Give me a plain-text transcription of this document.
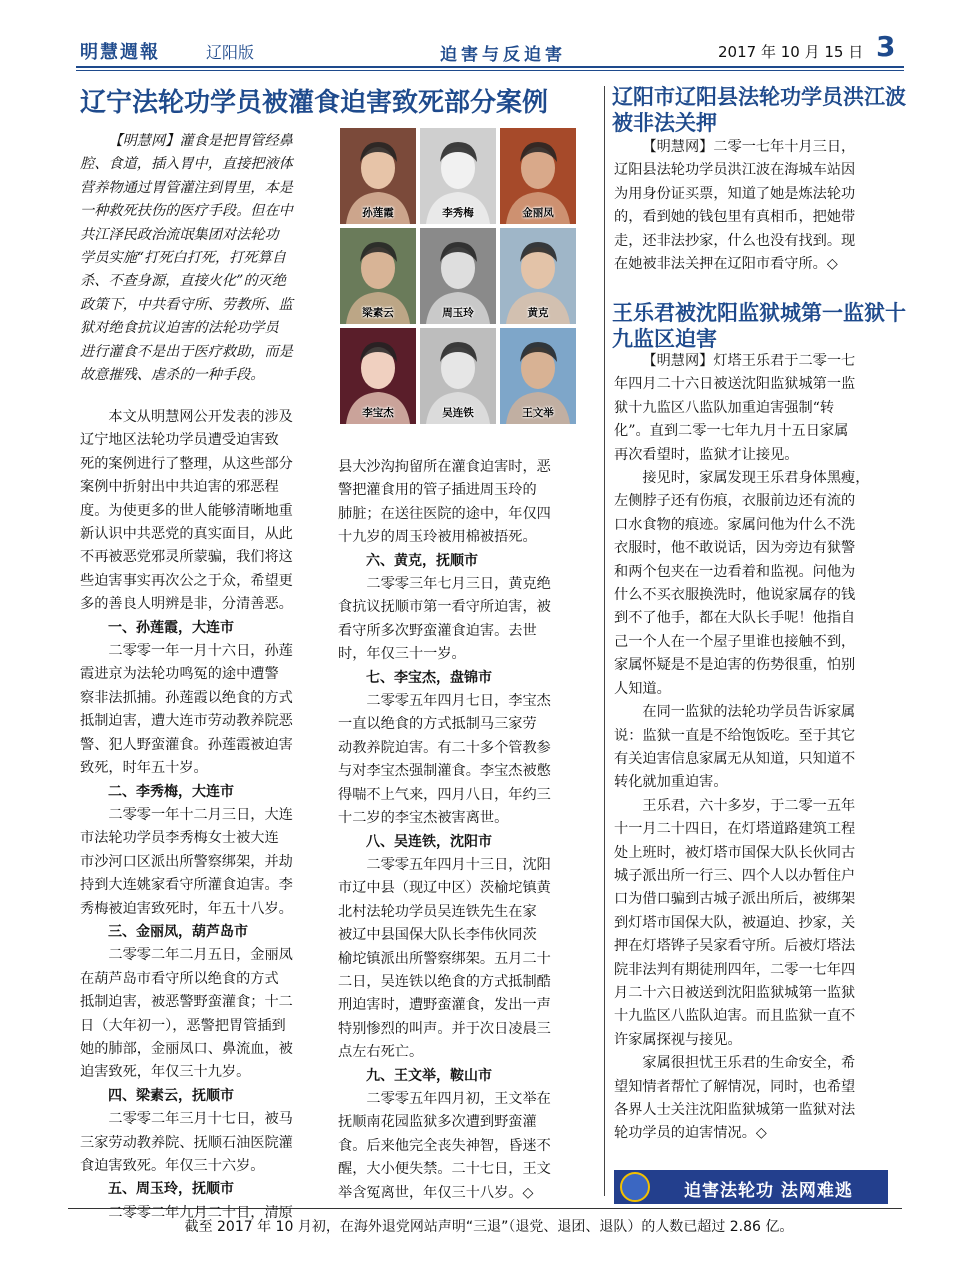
明慧週報	辽阳版	迫害与反迫害	2017 年 10 月 15 日 3
辽宁法轮功学员被灌食迫害致死部分案例

【明慧网】灌食是把胃管经鼻
腔、食道，插入胃中，直接把液体
营养物通过胃管灌注到胃里，本是
一种救死扶伤的医疗手段。但在中
共江泽民政治流氓集团对法轮功
学员实施“打死白打死，打死算自
杀、不查身源，直接火化”的灭绝
政策下，中共看守所、劳教所、监
狱对绝食抗议迫害的法轮功学员
进行灌食不是出于医疗救助，而是
故意摧残、虐杀的一种手段。

孙莲霞	李秀梅	金丽凤
梁素云	周玉玲	黄克
李宝杰	吴连铁	王文举

本文从明慧网公开发表的涉及
辽宁地区法轮功学员遭受迫害致
死的案例进行了整理，从这些部分
案例中折射出中共迫害的邪恶程
度。为使更多的世人能够清晰地重
新认识中共恶党的真实面目，从此
不再被恶党邪灵所蒙骗，我们将这
些迫害事实再次公之于众，希望更
多的善良人明辨是非，分清善恶。

一、孙莲霞，大连市

二零零一年一月十六日，孙莲
霞进京为法轮功鸣冤的途中遭警
察非法抓捕。孙莲霞以绝食的方式
抵制迫害，遭大连市劳动教养院恶
警、犯人野蛮灌食。孙莲霞被迫害
致死，时年五十岁。

二、李秀梅，大连市

二零零一年十二月三日，大连
市法轮功学员李秀梅女士被大连
市沙河口区派出所警察绑架，并劫
持到大连姚家看守所灌食迫害。李
秀梅被迫害致死时，年五十八岁。

三、金丽凤，葫芦岛市

二零零二年二月五日，金丽凤
在葫芦岛市看守所以绝食的方式
抵制迫害，被恶警野蛮灌食；十二
日（大年初一），恶警把胃管插到
她的肺部，金丽凤口、鼻流血，被
迫害致死，年仅三十九岁。

四、梁素云，抚顺市

二零零二年三月十七日，被马
三家劳动教养院、抚顺石油医院灌
食迫害致死。年仅三十六岁。

五、周玉玲，抚顺市

二零零二年九月二十日，清原

县大沙沟拘留所在灌食迫害时，恶
警把灌食用的管子插进周玉玲的
肺脏；在送往医院的途中，年仅四
十九岁的周玉玲被用棉被捂死。

六、黄克，抚顺市

二零零三年七月三日，黄克绝
食抗议抚顺市第一看守所迫害，被
看守所多次野蛮灌食迫害。去世
时，年仅三十一岁。

七、李宝杰，盘锦市

二零零五年四月七日，李宝杰
一直以绝食的方式抵制马三家劳
动教养院迫害。有二十多个管教参
与对李宝杰强制灌食。李宝杰被憋
得喘不上气来，四月八日，年约三
十二岁的李宝杰被害离世。

八、吴连铁，沈阳市

二零零五年四月十三日，沈阳
市辽中县（现辽中区）茨榆坨镇黄
北村法轮功学员吴连铁先生在家
被辽中县国保大队长李伟伙同茨
榆坨镇派出所警察绑架。五月二十
二日，吴连铁以绝食的方式抵制酷
刑迫害时，遭野蛮灌食，发出一声
特别惨烈的叫声。并于次日凌晨三
点左右死亡。

九、王文举，鞍山市

二零零五年四月初，王文举在
抚顺南花园监狱多次遭到野蛮灌
食。后来他完全丧失神智，昏迷不
醒，大小便失禁。二十七日，王文
举含冤离世，年仅三十八岁。◇

辽阳市辽阳县法轮功学员洪江波被非法关押

【明慧网】二零一七年十月三日，
辽阳县法轮功学员洪江波在海城车站因
为用身份证买票，知道了她是炼法轮功
的，看到她的钱包里有真相币，把她带
走，还非法抄家，什么也没有找到。现
在她被非法关押在辽阳市看守所。◇

王乐君被沈阳监狱城第一监狱十九监区迫害

【明慧网】灯塔王乐君于二零一七
年四月二十六日被送沈阳监狱城第一监
狱十九监区八监队加重迫害强制“转
化”。直到二零一七年九月十五日家属
再次看望时，监狱才让接见。

接见时，家属发现王乐君身体黑瘦，
左侧脖子还有伤痕，衣服前边还有流的
口水食物的痕迹。家属问他为什么不洗
衣服时，他不敢说话，因为旁边有狱警
和两个包夹在一边看着和监视。问他为
什么不买衣服换洗时，他说家属存的钱
到不了他手，都在大队长手呢！他指自
己一个人在一个屋子里谁也接触不到，
家属怀疑是不是迫害的伤势很重，怕别
人知道。

在同一监狱的法轮功学员告诉家属
说：监狱一直是不给饱饭吃。至于其它
有关迫害信息家属无从知道，只知道不
转化就加重迫害。

王乐君，六十多岁，于二零一五年
十一月二十四日，在灯塔道路建筑工程
处上班时，被灯塔市国保大队长伙同古
城子派出所一行三、四个人以办暂住户
口为借口骗到古城子派出所后，被绑架
到灯塔市国保大队，被逼迫、抄家，关
押在灯塔铧子吴家看守所。后被灯塔法
院非法判有期徒刑四年，二零一七年四
月二十六日被送到沈阳监狱城第一监狱
十九监区八监队迫害。而且监狱一直不
许家属探视与接见。

家属很担忧王乐君的生命安全，希
望知情者帮忙了解情况，同时，也希望
各界人士关注沈阳监狱城第一监狱对法
轮功学员的迫害情况。◇

迫害法轮功 法网难逃
截至 2017 年 10 月初，在海外退党网站声明“三退”（退党、退团、退队）的人数已超过 2.86 亿。
